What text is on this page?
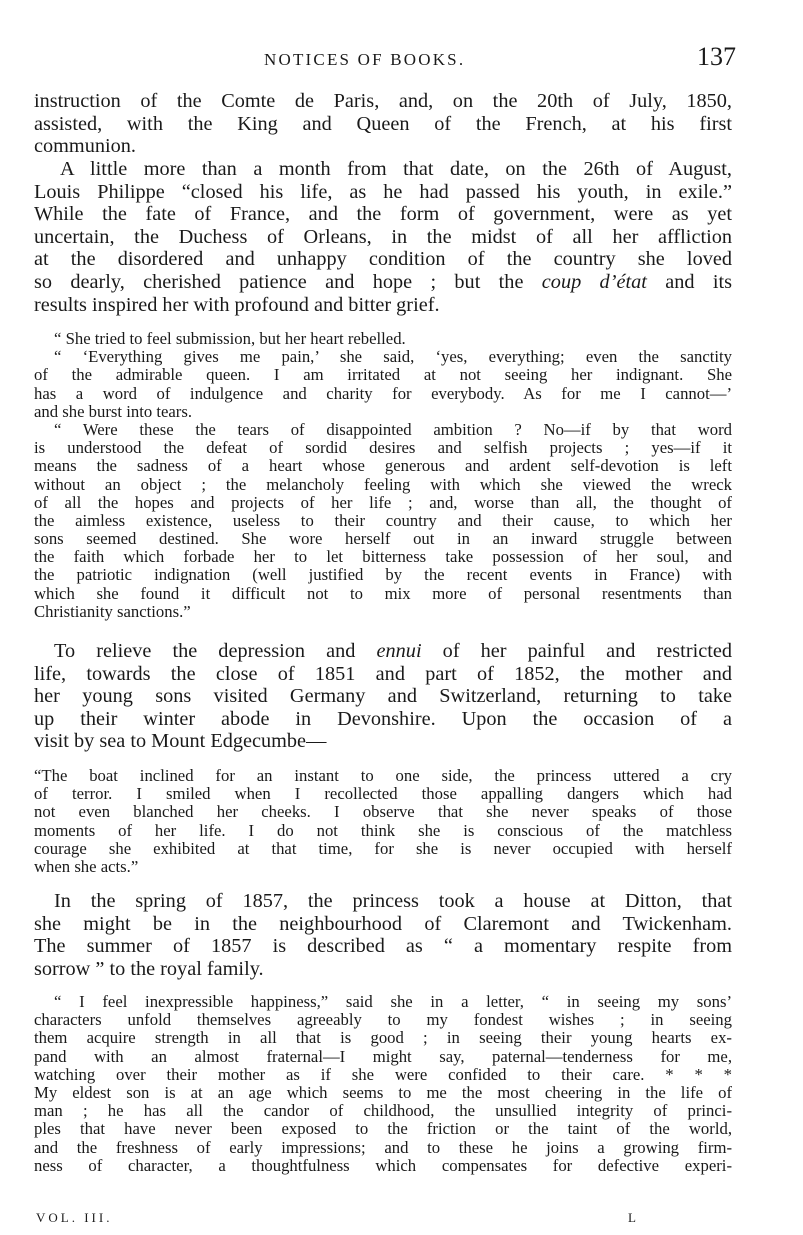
NOTICES OF BOOKS.	137
instruction of the Comte de Paris, and, on the 20th of July, 1850,
assisted, with the King and Queen of the French, at his first
communion.
A little more than a month from that date, on the 26th of August,
Louis Philippe “closed his life, as he had passed his youth, in exile.”
While the fate of France, and the form of government, were as yet
uncertain, the Duchess of Orleans, in the midst of all her affliction
at the disordered and unhappy condition of the country she loved
so dearly, cherished patience and hope ; but the coup d’état and its
results inspired her with profound and bitter grief.
“ She tried to feel submission, but her heart rebelled.
“ ‘Everything gives me pain,’ she said, ‘yes, everything; even the sanctity
of the admirable queen. I am irritated at not seeing her indignant. She
has a word of indulgence and charity for everybody. As for me I cannot—’
and she burst into tears.
“ Were these the tears of disappointed ambition ? No—if by that word
is understood the defeat of sordid desires and selfish projects ; yes—if it
means the sadness of a heart whose generous and ardent self-devotion is left
without an object ; the melancholy feeling with which she viewed the wreck
of all the hopes and projects of her life ; and, worse than all, the thought of
the aimless existence, useless to their country and their cause, to which her
sons seemed destined. She wore herself out in an inward struggle between
the faith which forbade her to let bitterness take possession of her soul, and
the patriotic indignation (well justified by the recent events in France) with
which she found it difficult not to mix more of personal resentments than
Christianity sanctions.”
To relieve the depression and ennui of her painful and restricted
life, towards the close of 1851 and part of 1852, the mother and
her young sons visited Germany and Switzerland, returning to take
up their winter abode in Devonshire. Upon the occasion of a
visit by sea to Mount Edgecumbe—
“The boat inclined for an instant to one side, the princess uttered a cry
of terror. I smiled when I recollected those appalling dangers which had
not even blanched her cheeks. I observe that she never speaks of those
moments of her life. I do not think she is conscious of the matchless
courage she exhibited at that time, for she is never occupied with herself
when she acts.”
In the spring of 1857, the princess took a house at Ditton, that
she might be in the neighbourhood of Claremont and Twickenham.
The summer of 1857 is described as “ a momentary respite from
sorrow ” to the royal family.
“ I feel inexpressible happiness,” said she in a letter, “ in seeing my sons’
characters unfold themselves agreeably to my fondest wishes ; in seeing
them acquire strength in all that is good ; in seeing their young hearts ex-
pand with an almost fraternal—I might say, paternal—tenderness for me,
watching over their mother as if she were confided to their care. * * *
My eldest son is at an age which seems to me the most cheering in the life of
man ; he has all the candor of childhood, the unsullied integrity of princi-
ples that have never been exposed to the friction or the taint of the world,
and the freshness of early impressions; and to these he joins a growing firm-
ness of character, a thoughtfulness which compensates for defective experi-
VOL. III.	L
